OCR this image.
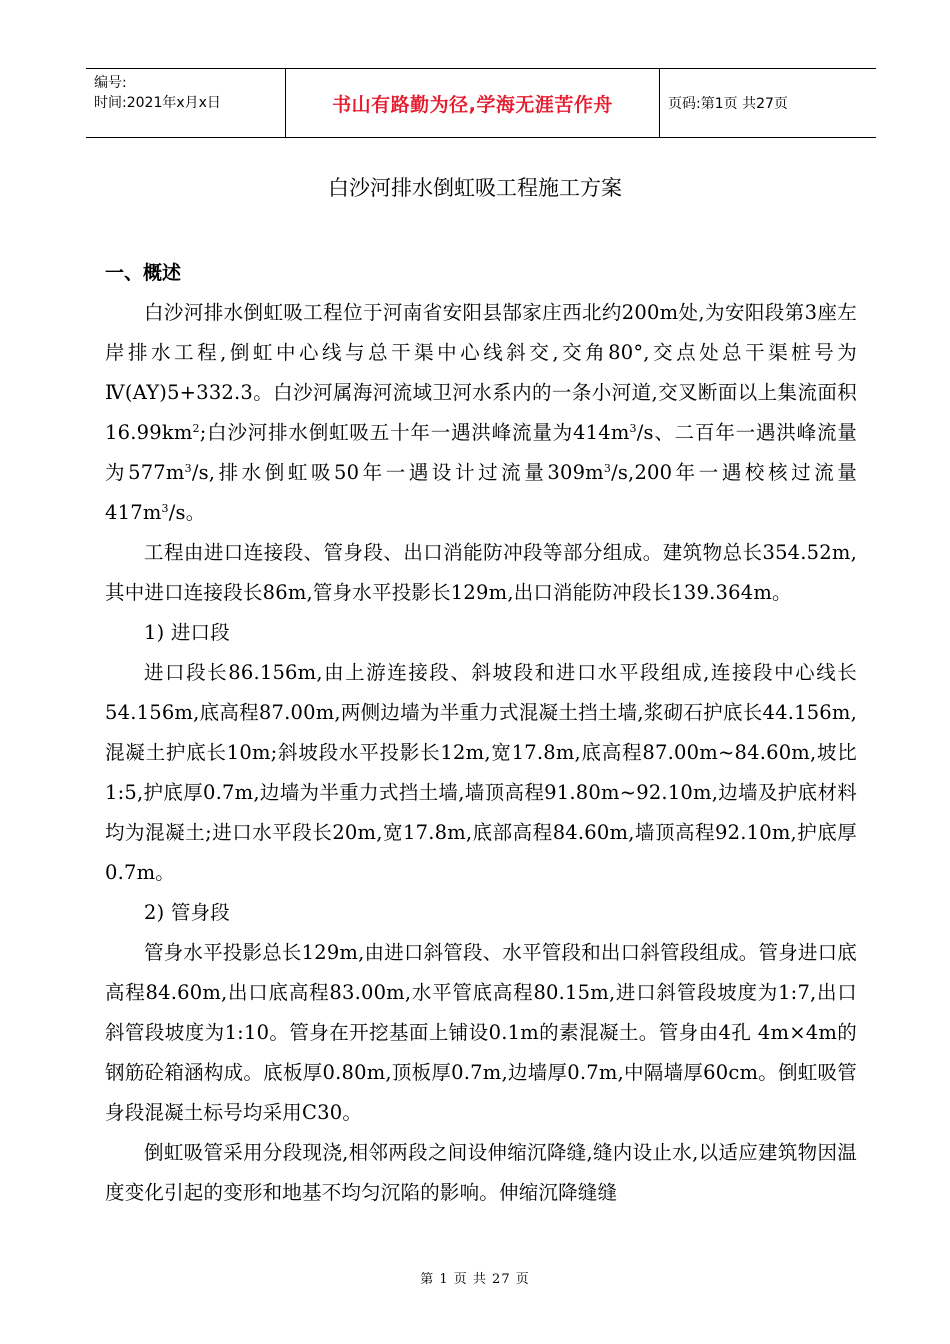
编号:
时间:2021年x月x日	书山有路勤为径,学海无涯苦作舟	页码:第1页 共27页
白沙河排水倒虹吸工程施工方案
一、概述

白沙河排水倒虹吸工程位于河南省安阳县郜家庄西北约200m处,为安阳段第3座左岸排水工程,倒虹中心线与总干渠中心线斜交,交角80°,交点处总干渠桩号为Ⅳ(AY)5+332.3。白沙河属海河流域卫河水系内的一条小河道,交叉断面以上集流面积$16.99km^2$;白沙河排水倒虹吸五十年一遇洪峰流量为$414m^3/s$、二百年一遇洪峰流量为$577m^3/s$,排水倒虹吸50年一遇设计过流量$309m^3/s,200$年一遇校核过流量$417m^3/s$。

工程由进口连接段、管身段、出口消能防冲段等部分组成。建筑物总长354.52m,其中进口连接段长86m,管身水平投影长129m,出口消能防冲段长139.364m。

1) 进口段

进口段长86.156m,由上游连接段、斜坡段和进口水平段组成,连接段中心线长54.156m,底高程87.00m,两侧边墙为半重力式混凝土挡土墙,浆砌石护底长44.156m,混凝土护底长10m;斜坡段水平投影长12m,宽17.8m,底高程87.00m~84.60m,坡比1:5,护底厚0.7m,边墙为半重力式挡土墙,墙顶高程91.80m~92.10m,边墙及护底材料均为混凝土;进口水平段长20m,宽17.8m,底部高程84.60m,墙顶高程92.10m,护底厚0.7m。

2) 管身段

管身水平投影总长129m,由进口斜管段、水平管段和出口斜管段组成。管身进口底高程84.60m,出口底高程83.00m,水平管底高程80.15m,进口斜管段坡度为1:7,出口斜管段坡度为1:10。管身在开挖基面上铺设0.1m的素混凝土。管身由4孔 4m×4m的钢筋砼箱涵构成。底板厚0.80m,顶板厚0.7m,边墙厚0.7m,中隔墙厚60cm。倒虹吸管身段混凝土标号均采用C30。

倒虹吸管采用分段现浇,相邻两段之间设伸缩沉降缝,缝内设止水,以适应建筑物因温度变化引起的变形和地基不均匀沉陷的影响。伸缩沉降缝缝

第 1 页 共 27 页
